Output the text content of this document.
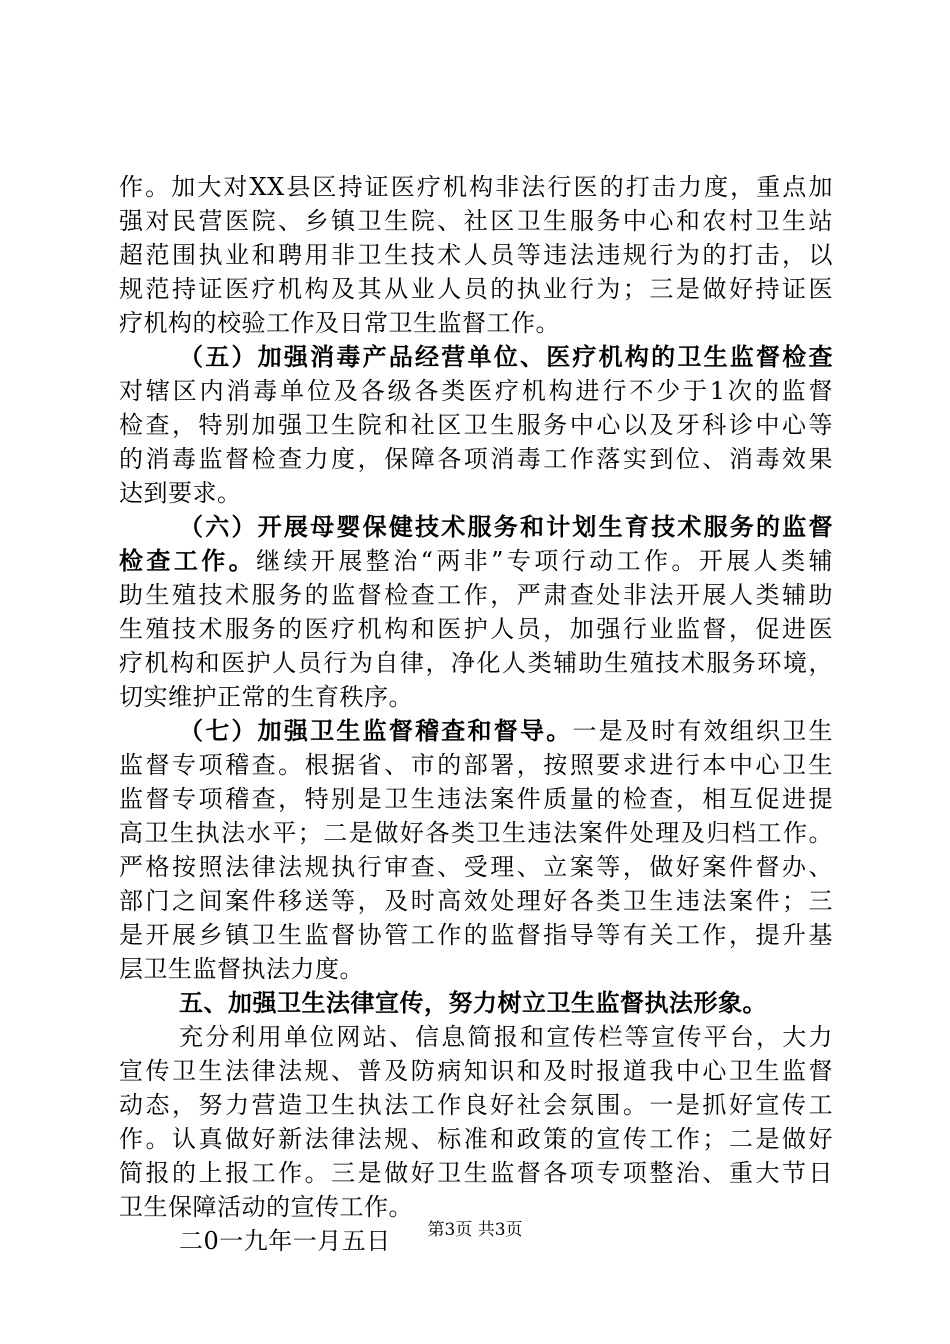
作。加大对XX县区持证医疗机构非法行医的打击力度，重点加
强对民营医院、乡镇卫生院、社区卫生服务中心和农村卫生站
超范围执业和聘用非卫生技术人员等违法违规行为的打击，以
规范持证医疗机构及其从业人员的执业行为；三是做好持证医
疗机构的校验工作及日常卫生监督工作。
（五）加强消毒产品经营单位、医疗机构的卫生监督检查
对辖区内消毒单位及各级各类医疗机构进行不少于1次的监督
检查，特别加强卫生院和社区卫生服务中心以及牙科诊中心等
的消毒监督检查力度，保障各项消毒工作落实到位、消毒效果
达到要求。
（六）开展母婴保健技术服务和计划生育技术服务的监督
检查工作。继续开展整治“两非”专项行动工作。开展人类辅
助生殖技术服务的监督检查工作，严肃查处非法开展人类辅助
生殖技术服务的医疗机构和医护人员，加强行业监督，促进医
疗机构和医护人员行为自律，净化人类辅助生殖技术服务环境，
切实维护正常的生育秩序。
（七）加强卫生监督稽查和督导。一是及时有效组织卫生
监督专项稽查。根据省、市的部署，按照要求进行本中心卫生
监督专项稽查，特别是卫生违法案件质量的检查，相互促进提
高卫生执法水平；二是做好各类卫生违法案件处理及归档工作。
严格按照法律法规执行审查、受理、立案等，做好案件督办、
部门之间案件移送等，及时高效处理好各类卫生违法案件；三
是开展乡镇卫生监督协管工作的监督指导等有关工作，提升基
层卫生监督执法力度。
五、加强卫生法律宣传，努力树立卫生监督执法形象。
充分利用单位网站、信息简报和宣传栏等宣传平台，大力
宣传卫生法律法规、普及防病知识和及时报道我中心卫生监督
动态，努力营造卫生执法工作良好社会氛围。一是抓好宣传工
作。认真做好新法律法规、标准和政策的宣传工作；二是做好
简报的上报工作。三是做好卫生监督各项专项整治、重大节日
卫生保障活动的宣传工作。
二0一九年一月五日	第3页 共3页
